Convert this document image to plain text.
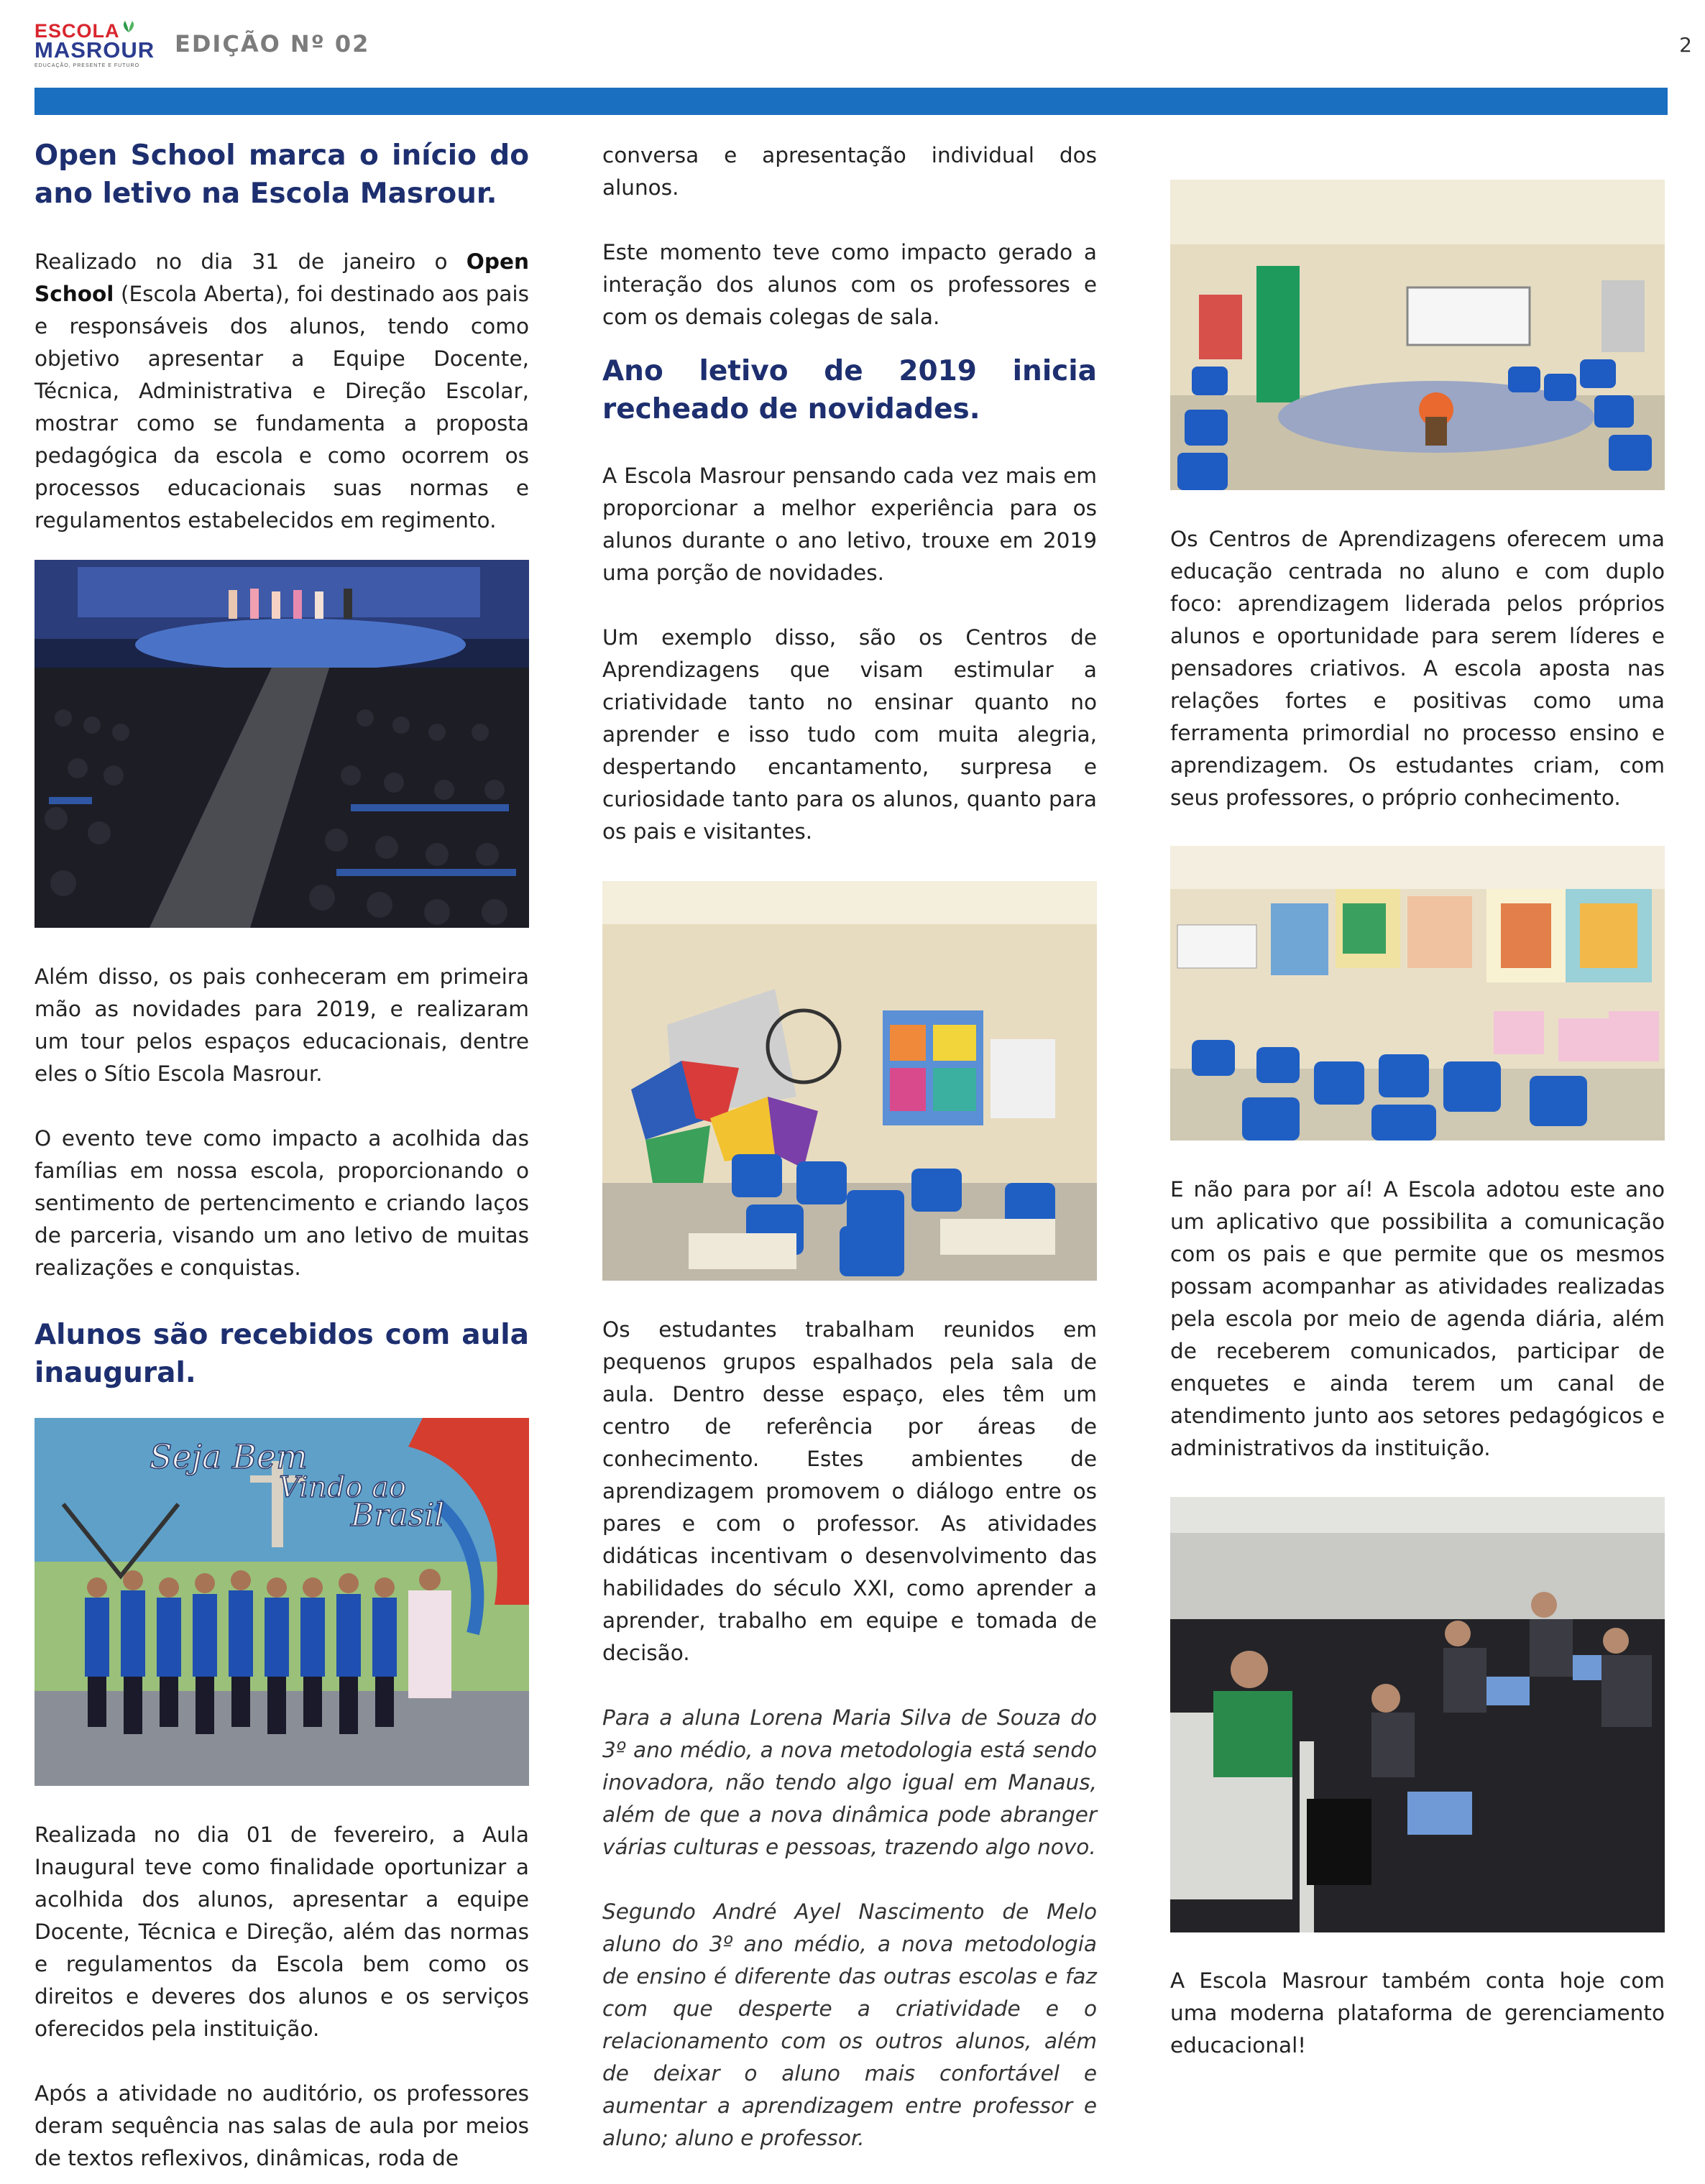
ESCOLA
MASROUR
EDUCAÇÃO, PRESENTE E FUTURO
EDIÇÃO Nº 02	2
Open School marca o início do ano letivo na Escola Masrour.

Realizado no dia 31 de janeiro o Open School (Escola Aberta), foi destinado aos pais e responsáveis dos alunos, tendo como objetivo apresentar a Equipe Docente, Técnica, Administrativa e Direção Escolar, mostrar como se fundamenta a proposta pedagógica da escola e como ocorrem os processos educacionais suas normas e regulamentos estabelecidos em regimento.

Além disso, os pais conheceram em primeira mão as novidades para 2019, e realizaram um tour pelos espaços educacionais, dentre eles o Sítio Escola Masrour.

O evento teve como impacto a acolhida das famílias em nossa escola, proporcionando o sentimento de pertencimento e criando laços de parceria, visando um ano letivo de muitas realizações e conquistas.

Alunos são recebidos com aula inaugural.
Seja Bem
Vindo ao
Brasil

Realizada no dia 01 de fevereiro, a Aula Inaugural teve como finalidade oportunizar a acolhida dos alunos, apresentar a equipe Docente, Técnica e Direção, além das normas e regulamentos da Escola bem como os direitos e deveres dos alunos e os serviços oferecidos pela instituição.

Após a atividade no auditório, os professores deram sequência nas salas de aula por meios de textos reflexivos, dinâmicas, roda de

conversa e apresentação individual dos alunos.

Este momento teve como impacto gerado a interação dos alunos com os professores e com os demais colegas de sala.

Ano letivo de 2019 inicia recheado de novidades.

A Escola Masrour pensando cada vez mais em proporcionar a melhor experiência para os alunos durante o ano letivo, trouxe em 2019 uma porção de novidades.

Um exemplo disso, são os Centros de Aprendizagens que visam estimular a criatividade tanto no ensinar quanto no aprender e isso tudo com muita alegria, despertando encantamento, surpresa e curiosidade tanto para os alunos, quanto para os pais e visitantes.

Os estudantes trabalham reunidos em pequenos grupos espalhados pela sala de aula. Dentro desse espaço, eles têm um centro de referência por áreas de conhecimento. Estes ambientes de aprendizagem promovem o diálogo entre os pares e com o professor. As atividades didáticas incentivam o desenvolvimento das habilidades do século XXI, como aprender a aprender, trabalho em equipe e tomada de decisão.

Para a aluna Lorena Maria Silva de Souza do 3º ano médio, a nova metodologia está sendo inovadora, não tendo algo igual em Manaus, além de que a nova dinâmica pode abranger várias culturas e pessoas, trazendo algo novo.

Segundo André Ayel Nascimento de Melo aluno do 3º ano médio, a nova metodologia de ensino é diferente das outras escolas e faz com que desperte a criatividade e o relacionamento com os outros alunos, além de deixar o aluno mais confortável e aumentar a aprendizagem entre professor e aluno; aluno e professor.

Os Centros de Aprendizagens oferecem uma educação centrada no aluno e com duplo foco: aprendizagem liderada pelos próprios alunos e oportunidade para serem líderes e pensadores criativos. A escola aposta nas relações fortes e positivas como uma ferramenta primordial no processo ensino e aprendizagem. Os estudantes criam, com seus professores, o próprio conhecimento.

E não para por aí! A Escola adotou este ano um aplicativo que possibilita a comunicação com os pais e que permite que os mesmos possam acompanhar as atividades realizadas pela escola por meio de agenda diária, além de receberem comunicados, participar de enquetes e ainda terem um canal de atendimento junto aos setores pedagógicos e administrativos da instituição.

A Escola Masrour também conta hoje com uma moderna plataforma de gerenciamento educacional!
